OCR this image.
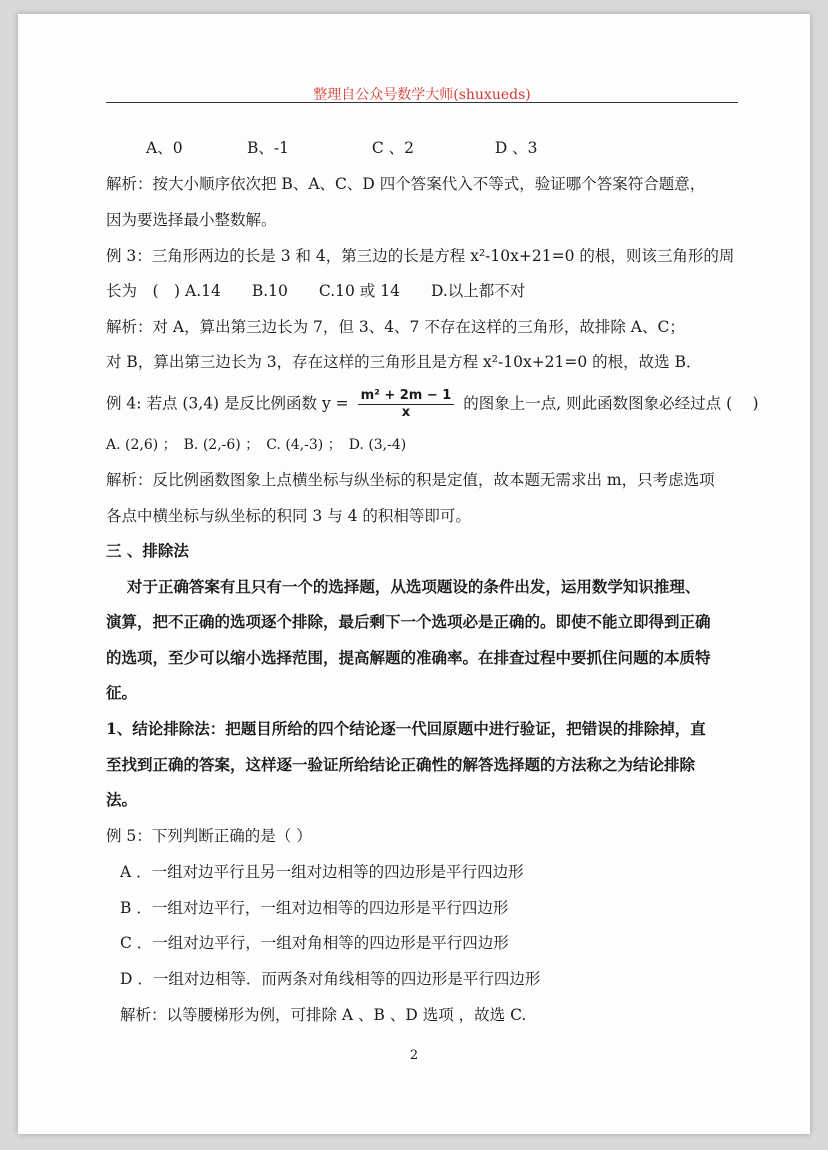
整理自公众号数学大师(shuxueds)
A、0	B、-1	C 、2	D 、3
解析：按大小顺序依次把 B、A、C、D 四个答案代入不等式，验证哪个答案符合题意，
因为要选择最小整数解。
例 3：三角形两边的长是 3 和 4，第三边的长是方程 x²-10x+21=0 的根，则该三角形的周
长为　(　) A.14　　B.10　　C.10 或 14　　D.以上都不对
解析：对 A，算出第三边长为 7，但 3、4、7 不存在这样的三角形，故排除 A、C；
对 B，算出第三边长为 3，存在这样的三角形且是方程 x²-10x+21=0 的根，故选 B．
例 4: 若点 (3,4) 是反比例函数 $y = \frac{\text{m² + 2m − 1}}{x}$ 的图象上一点, 则此函数图象必经过点 (　 )
A. (2,6) ；　B. (2,-6) ；　C. (4,-3) ；　D. (3,-4)
解析：反比例函数图象上点横坐标与纵坐标的积是定值，故本题无需求出 m，只考虑选项
各点中横坐标与纵坐标的积同 3 与 4 的积相等即可。
三 、排除法
　 对于正确答案有且只有一个的选择题，从选项题设的条件出发，运用数学知识推理、
演算，把不正确的选项逐个排除，最后剩下一个选项必是正确的。即使不能立即得到正确
的选项，至少可以缩小选择范围，提高解题的准确率。在排查过程中要抓住问题的本质特
征。
1、结论排除法：把题目所给的四个结论逐一代回原题中进行验证，把错误的排除掉，直
至找到正确的答案，这样逐一验证所给结论正确性的解答选择题的方法称之为结论排除
法。
例 5：下列判断正确的是（ ）
A ．一组对边平行且另一组对边相等的四边形是平行四边形
B ．一组对边平行，一组对边相等的四边形是平行四边形
C ．一组对边平行，一组对角相等的四边形是平行四边形
D ．一组对边相等．而两条对角线相等的四边形是平行四边形
解析：以等腰梯形为例，可排除 A 、B 、D 选项 ，故选 C.
2
